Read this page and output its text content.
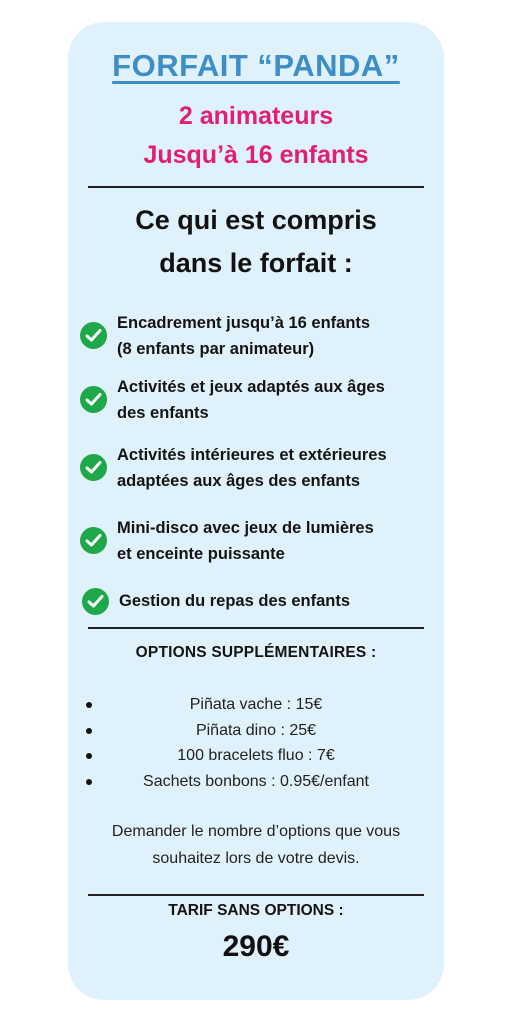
FORFAIT “PANDA”
2 animateurs
Jusqu’à 16 enfants
Ce qui est compris
dans le forfait :
Encadrement jusqu’à 16 enfants
(8 enfants par animateur)
Activités et jeux adaptés aux âges
des enfants
Activités intérieures et extérieures
adaptées aux âges des enfants
Mini-disco avec jeux de lumières
et enceinte puissante
Gestion du repas des enfants
OPTIONS SUPPLÉMENTAIRES :
Piñata vache : 15€
Piñata dino : 25€
100 bracelets fluo : 7€
Sachets bonbons : 0.95€/enfant
Demander le nombre d’options que vous
souhaitez lors de votre devis.
TARIF SANS OPTIONS :
290€
